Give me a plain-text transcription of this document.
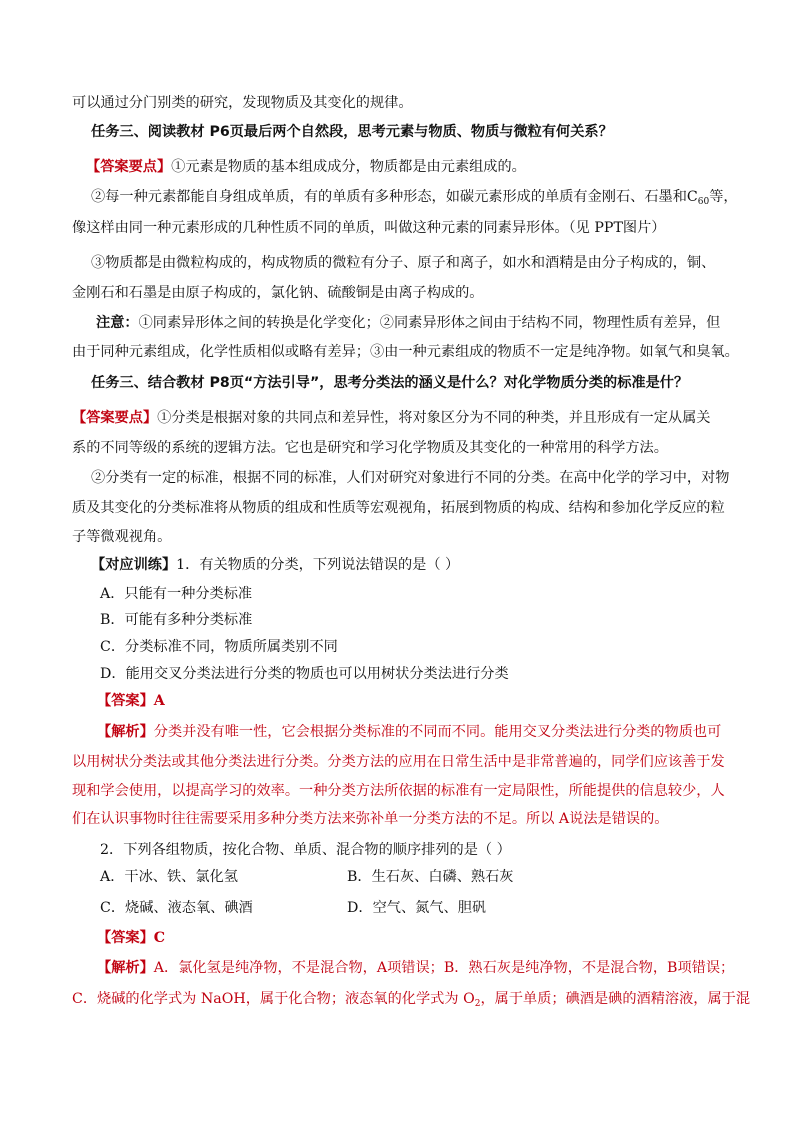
可以通过分门别类的研究，发现物质及其变化的规律。
任务三、阅读教材 P6页最后两个自然段，思考元素与物质、物质与微粒有何关系？
【答案要点】①元素是物质的基本组成成分，物质都是由元素组成的。
②每一种元素都能自身组成单质，有的单质有多种形态，如碳元素形成的单质有金刚石、石墨和$C_{60}$等，
像这样由同一种元素形成的几种性质不同的单质，叫做这种元素的同素异形体。（见 PPT图片）
③物质都是由微粒构成的，构成物质的微粒有分子、原子和离子，如水和酒精是由分子构成的，铜、
金刚石和石墨是由原子构成的，氯化钠、硫酸铜是由离子构成的。
注意：①同素异形体之间的转换是化学变化；②同素异形体之间由于结构不同，物理性质有差异，但
由于同种元素组成，化学性质相似或略有差异；③由一种元素组成的物质不一定是纯净物。如氧气和臭氧。
任务三、结合教材 P8页“方法引导”，思考分类法的涵义是什么？对化学物质分类的标准是什？
【答案要点】①分类是根据对象的共同点和差异性，将对象区分为不同的种类，并且形成有一定从属关
系的不同等级的系统的逻辑方法。它也是研究和学习化学物质及其变化的一种常用的科学方法。
②分类有一定的标准，根据不同的标准，人们对研究对象进行不同的分类。在高中化学的学习中，对物
质及其变化的分类标准将从物质的组成和性质等宏观视角，拓展到物质的构成、结构和参加化学反应的粒
子等微观视角。
【对应训练】1．有关物质的分类，下列说法错误的是（ ）
A．只能有一种分类标准
B．可能有多种分类标准
C．分类标准不同，物质所属类别不同
D．能用交叉分类法进行分类的物质也可以用树状分类法进行分类
【答案】A
【解析】分类并没有唯一性，它会根据分类标准的不同而不同。能用交叉分类法进行分类的物质也可
以用树状分类法或其他分类法进行分类。分类方法的应用在日常生活中是非常普遍的，同学们应该善于发
现和学会使用，以提高学习的效率。一种分类方法所依据的标准有一定局限性，所能提供的信息较少，人
们在认识事物时往往需要采用多种分类方法来弥补单一分类方法的不足。所以 A说法是错误的。
2．下列各组物质，按化合物、单质、混合物的顺序排列的是（ ）
A．干冰、铁、氯化氢	B．生石灰、白磷、熟石灰
C．烧碱、液态氧、碘酒	D．空气、氮气、胆矾
【答案】C
【解析】A．氯化氢是纯净物，不是混合物，A项错误；B．熟石灰是纯净物，不是混合物，B项错误；
C．烧碱的化学式为 NaOH，属于化合物；液态氧的化学式为 $O_2$，属于单质；碘酒是碘的酒精溶液，属于混
